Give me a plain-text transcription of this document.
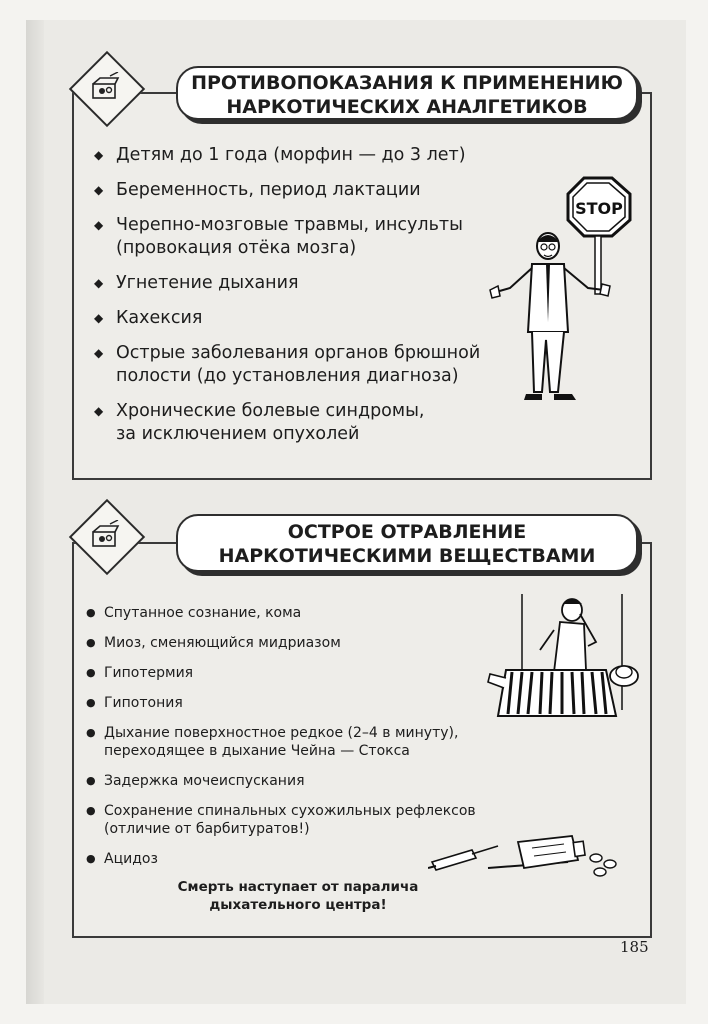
ПРОТИВОПОКАЗАНИЯ К ПРИМЕНЕНИЮ
НАРКОТИЧЕСКИХ АНАЛГЕТИКОВ
◆ Детям до 1 года (морфин — до 3 лет)
◆ Беременность, период лактации
◆ Черепно-мозговые травмы, инсульты
(провокация отёка мозга)
◆ Угнетение дыхания
◆ Кахексия
◆ Острые заболевания органов брюшной
полости (до установления диагноза)
◆ Хронические болевые синдромы,
за исключением опухолей
STOP
ОСТРОЕ ОТРАВЛЕНИЕ
НАРКОТИЧЕСКИМИ ВЕЩЕСТВАМИ
● Спутанное сознание, кома
● Миоз, сменяющийся мидриазом
● Гипотермия
● Гипотония
● Дыхание поверхностное редкое (2–4 в минуту),
переходящее в дыхание Чейна — Стокса
● Задержка мочеиспускания
● Сохранение спинальных сухожильных рефлексов
(отличие от барбитуратов!)
● Ацидоз
Смерть наступает от паралича
дыхательного центра!
185
